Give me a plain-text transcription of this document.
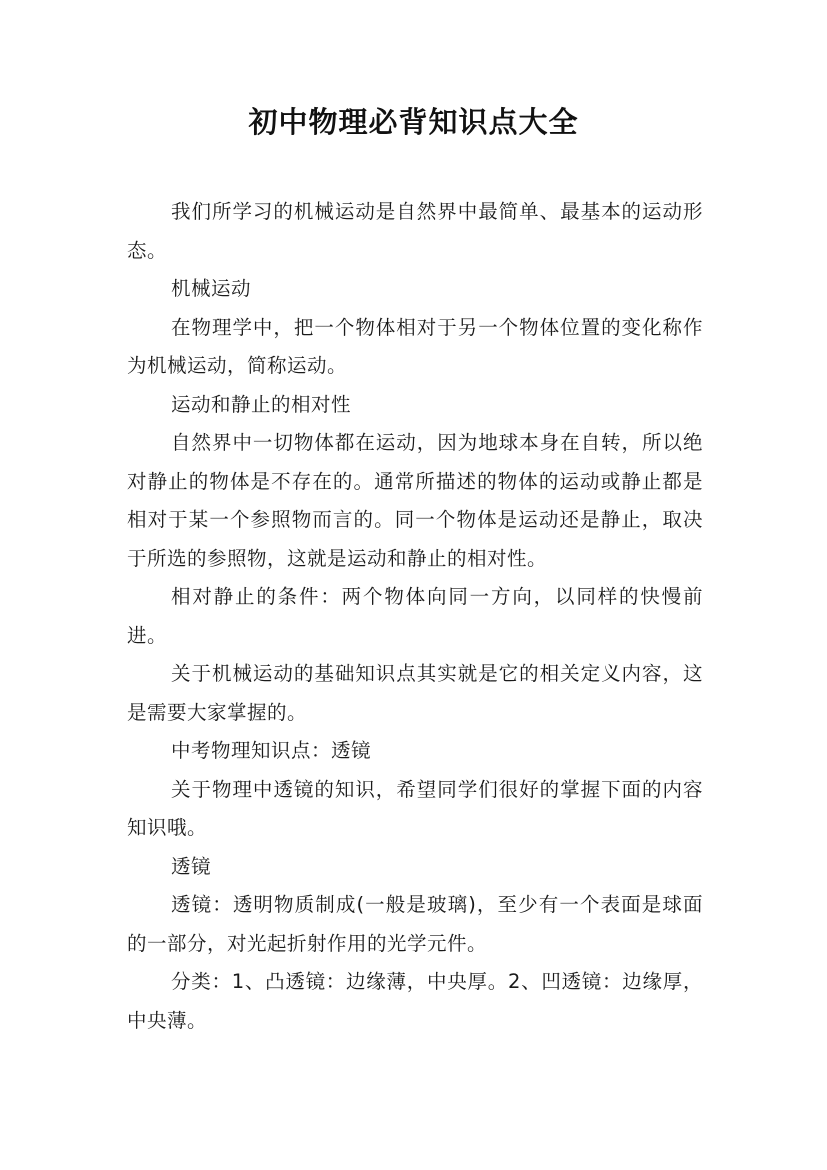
初中物理必背知识点大全

我们所学习的机械运动是自然界中最简单、最基本的运动形态。

机械运动

在物理学中，把一个物体相对于另一个物体位置的变化称作为机械运动，简称运动。

运动和静止的相对性

自然界中一切物体都在运动，因为地球本身在自转，所以绝对静止的物体是不存在的。通常所描述的物体的运动或静止都是相对于某一个参照物而言的。同一个物体是运动还是静止，取决于所选的参照物，这就是运动和静止的相对性。

相对静止的条件：两个物体向同一方向，以同样的快慢前进。

关于机械运动的基础知识点其实就是它的相关定义内容，这是需要大家掌握的。

中考物理知识点：透镜

关于物理中透镜的知识，希望同学们很好的掌握下面的内容知识哦。

透镜

透镜：透明物质制成(一般是玻璃)，至少有一个表面是球面的一部分，对光起折射作用的光学元件。

分类：1、凸透镜：边缘薄，中央厚。2、凹透镜：边缘厚，中央薄。
